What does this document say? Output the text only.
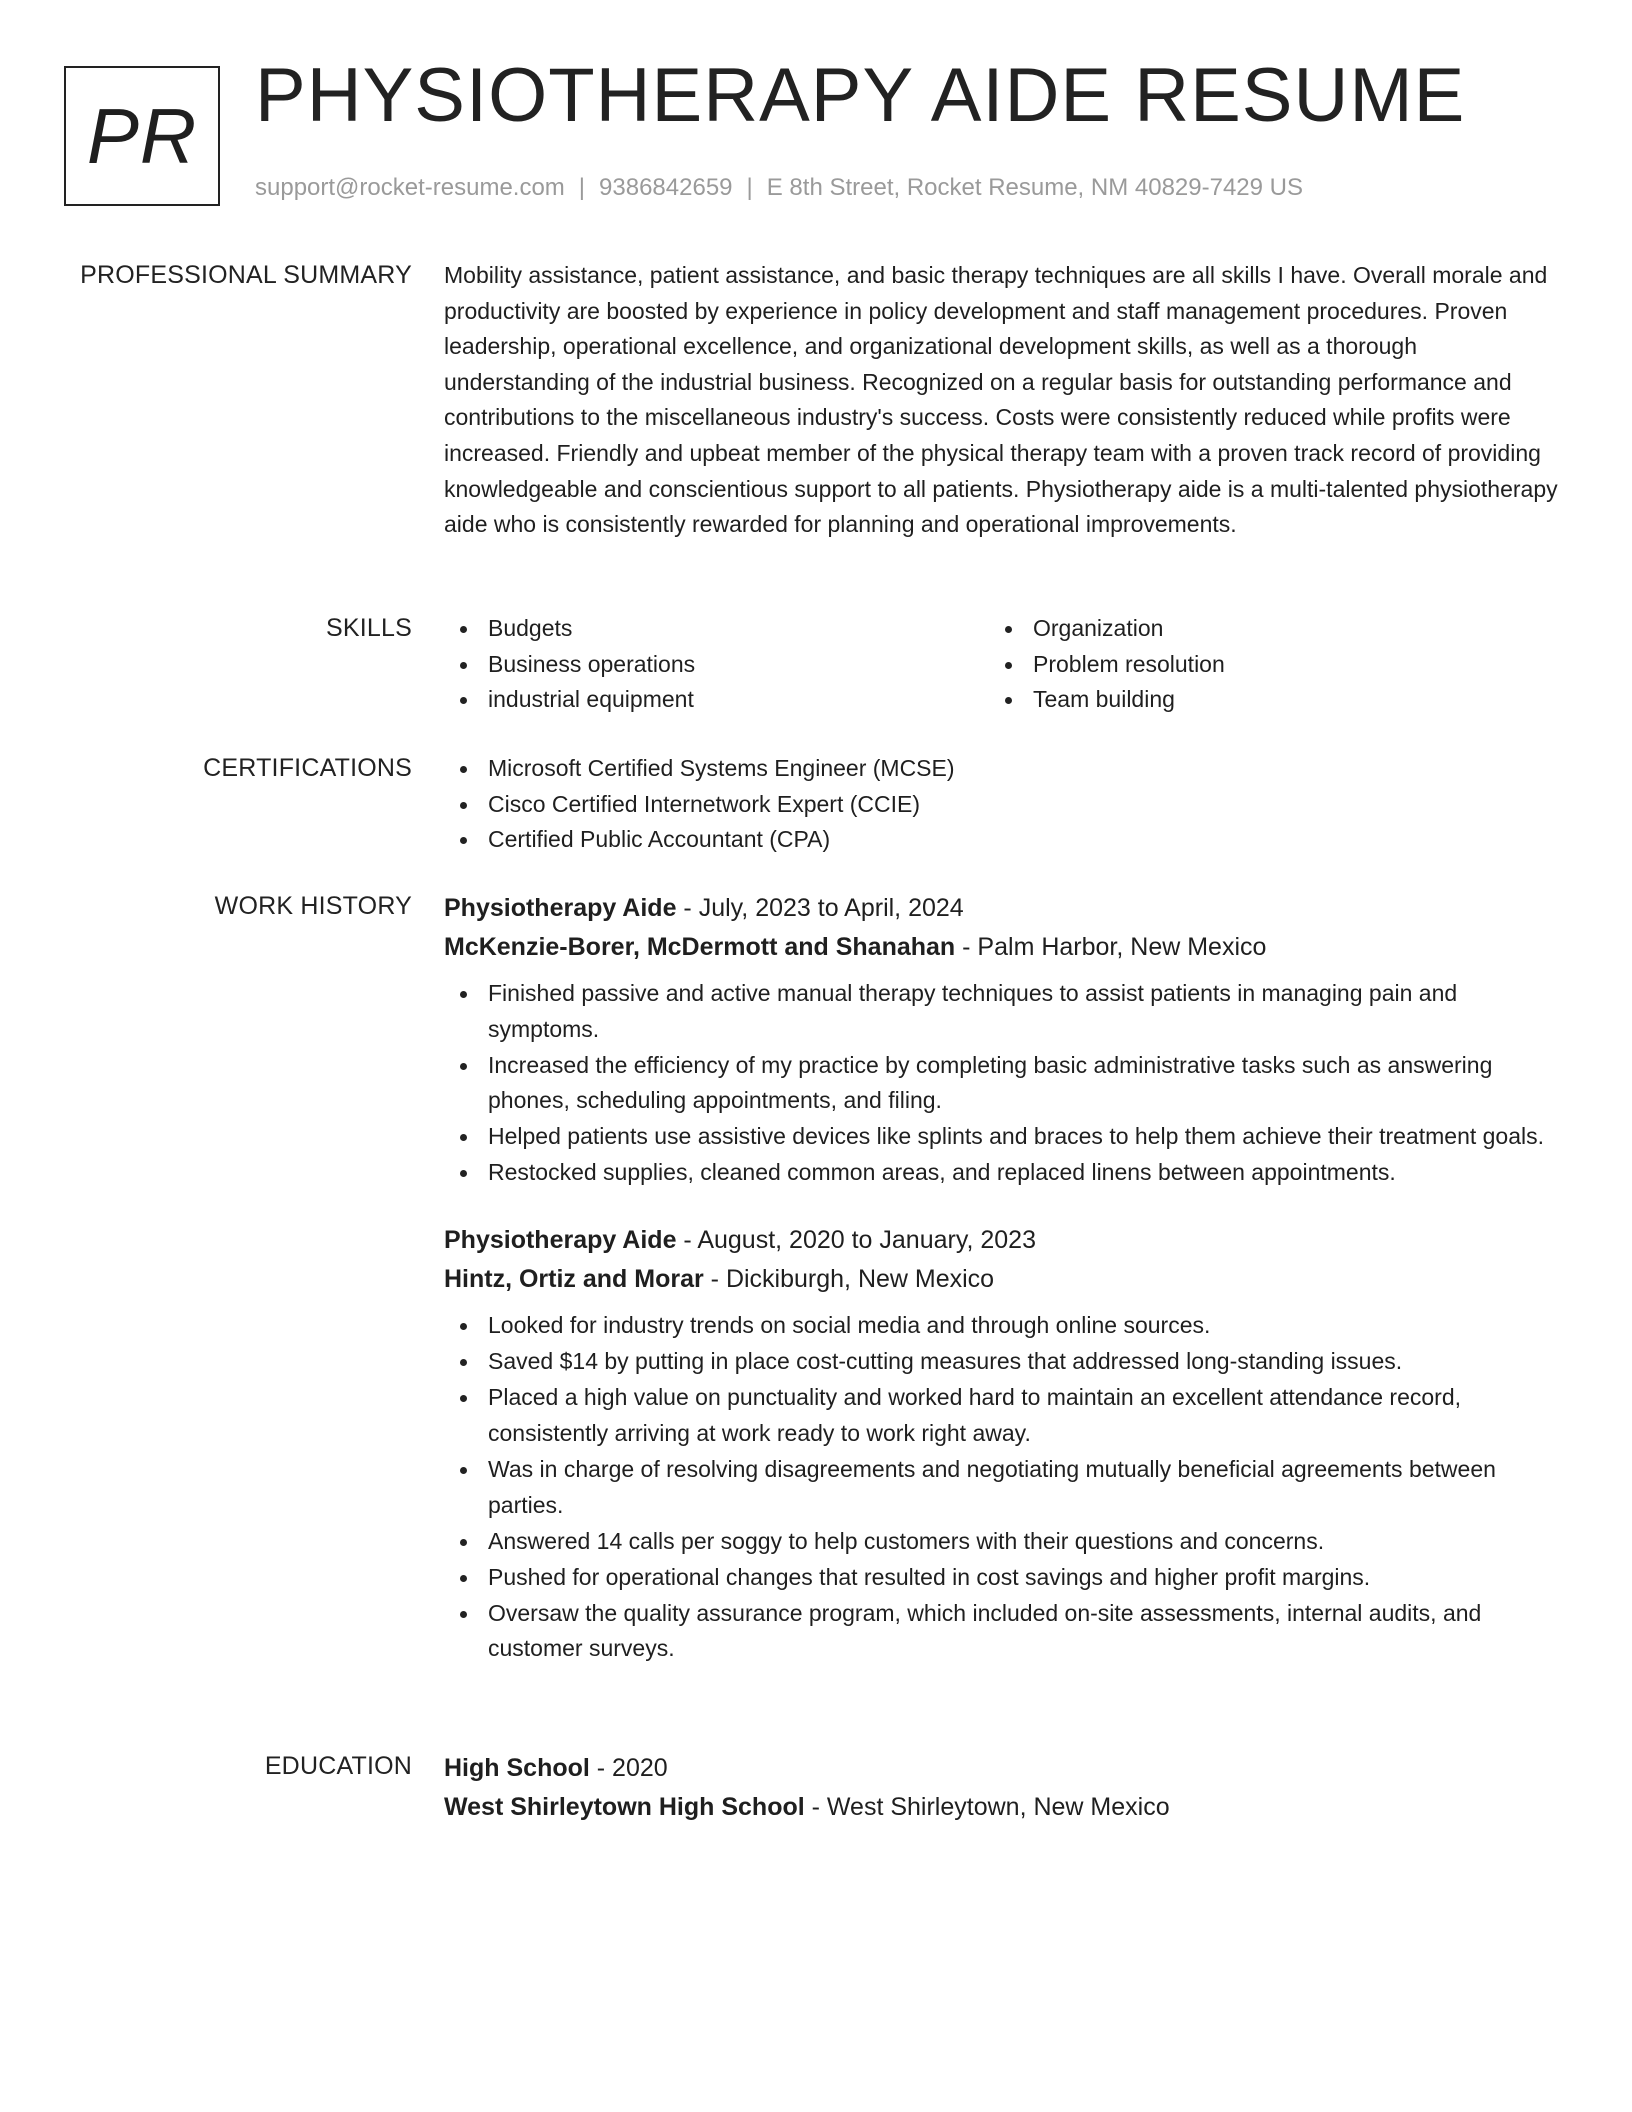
PR PHYSIOTHERAPY AIDE RESUME
support@rocket-resume.com | 9386842659 | E 8th Street, Rocket Resume, NM 40829-7429 US
PROFESSIONAL SUMMARY Mobility assistance, patient assistance, and basic therapy techniques are all skills I have. Overall morale and productivity are boosted by experience in policy development and staff management procedures. Proven leadership, operational excellence, and organizational development skills, as well as a thorough understanding of the industrial business. Recognized on a regular basis for outstanding performance and contributions to the miscellaneous industry's success. Costs were consistently reduced while profits were increased. Friendly and upbeat member of the physical therapy team with a proven track record of providing knowledgeable and conscientious support to all patients. Physiotherapy aide is a multi-talented physiotherapy aide who is consistently rewarded for planning and operational improvements.

SKILLS	Budgets
Business operations
industrial equipment
Organization
Problem resolution
Team building
CERTIFICATIONS	Microsoft Certified Systems Engineer (MCSE)
Cisco Certified Internetwork Expert (CCIE)
Certified Public Accountant (CPA)
WORK HISTORY Physiotherapy Aide - July, 2023 to April, 2024
McKenzie-Borer, McDermott and Shanahan - Palm Harbor, New Mexico
Finished passive and active manual therapy techniques to assist patients in managing pain and symptoms.
Increased the efficiency of my practice by completing basic administrative tasks such as answering phones, scheduling appointments, and filing.
Helped patients use assistive devices like splints and braces to help them achieve their treatment goals.
Restocked supplies, cleaned common areas, and replaced linens between appointments.
Physiotherapy Aide - August, 2020 to January, 2023
Hintz, Ortiz and Morar - Dickiburgh, New Mexico
Looked for industry trends on social media and through online sources.
Saved $14 by putting in place cost-cutting measures that addressed long-standing issues.
Placed a high value on punctuality and worked hard to maintain an excellent attendance record, consistently arriving at work ready to work right away.
Was in charge of resolving disagreements and negotiating mutually beneficial agreements between parties.
Answered 14 calls per soggy to help customers with their questions and concerns.
Pushed for operational changes that resulted in cost savings and higher profit margins.
Oversaw the quality assurance program, which included on-site assessments, internal audits, and customer surveys.
EDUCATION High School - 2020
West Shirleytown High School - West Shirleytown, New Mexico
